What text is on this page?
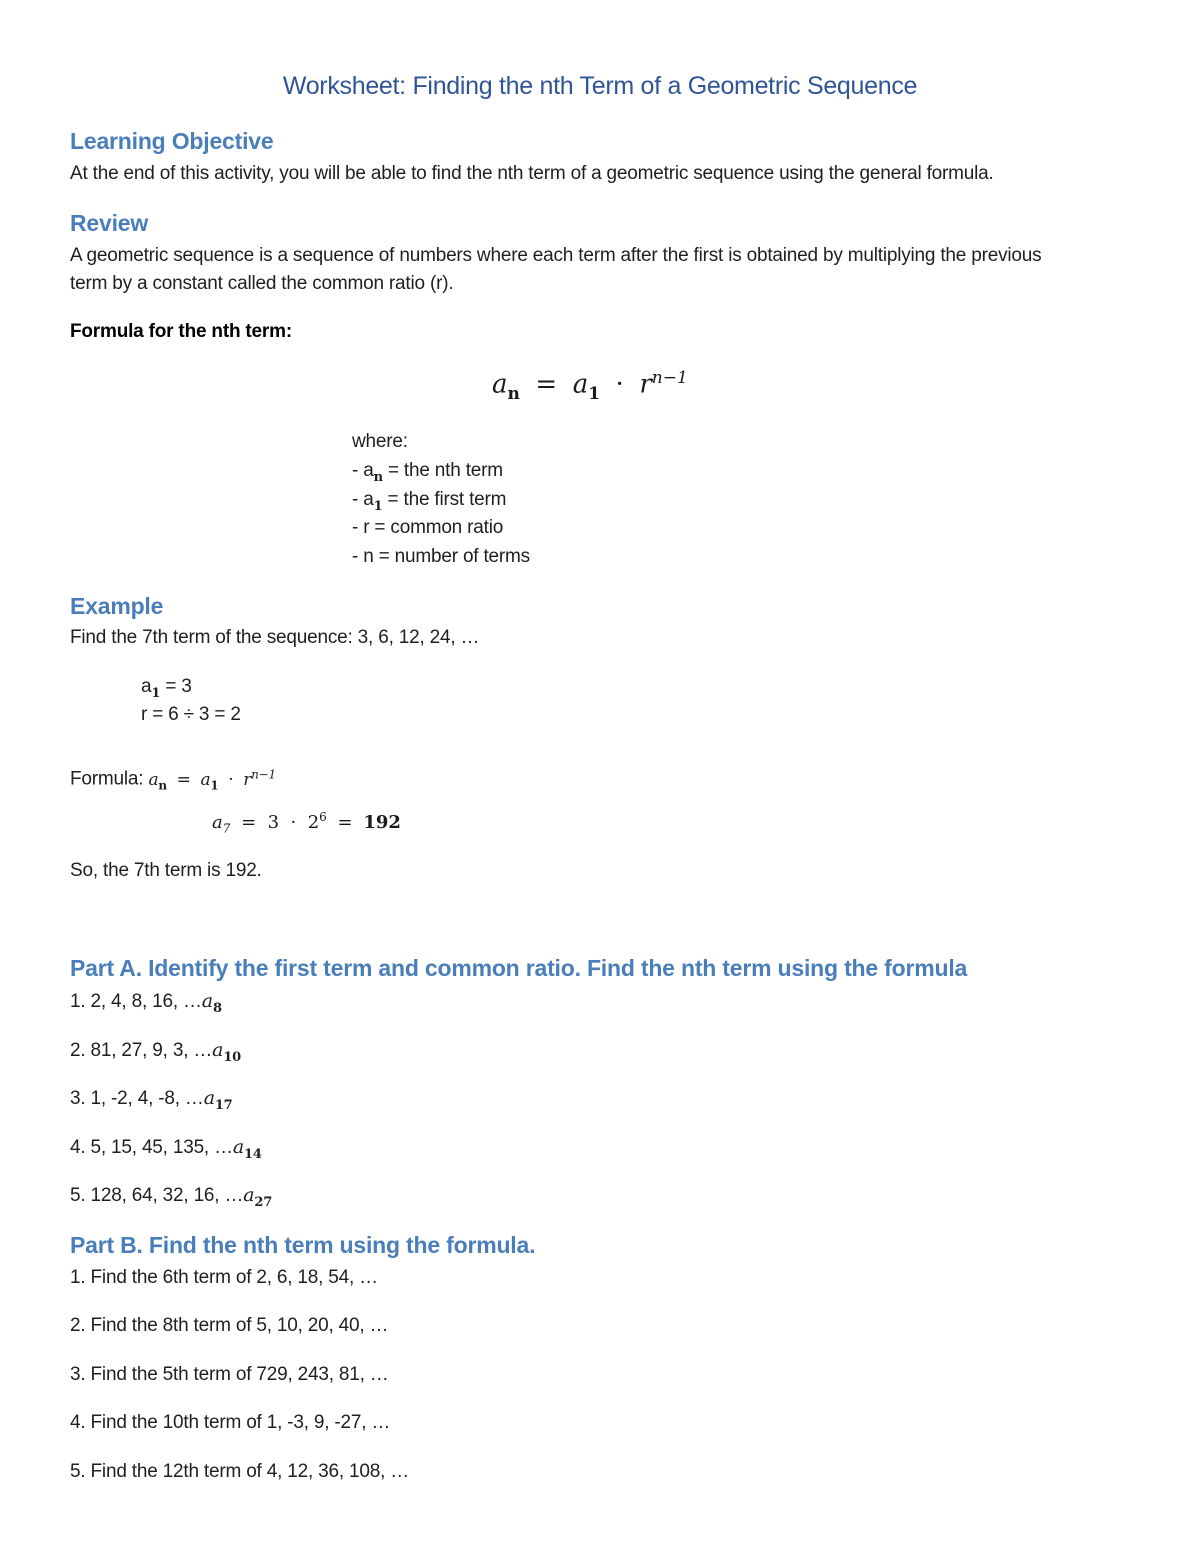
Worksheet: Finding the nth Term of a Geometric Sequence
Learning Objective
At the end of this activity, you will be able to find the nth term of a geometric sequence using the general formula.
Review
A geometric sequence is a sequence of numbers where each term after the first is obtained by multiplying the previous term by a constant called the common ratio (r).
Formula for the nth term:
$a_n = a_1 \cdot r^{n-1}$
where:
- $a_n$ = the nth term
- $a_1$ = the first term
- r = common ratio
- n = number of terms
Example
Find the 7th term of the sequence: 3, 6, 12, 24, …
$a_1 = 3$
r = 6 ÷ 3 = 2
Formula: $a_n = a_1 \cdot r^{n-1}$
$a_7 = 3 \cdot 2^6 = 192$
So, the 7th term is 192.
Part A. Identify the first term and common ratio. Find the nth term using the formula
1. 2, 4, 8, 16, $\dots a_8$
2. 81, 27, 9, 3, $\dots a_{10}$
3. 1, -2, 4, -8, $\dots a_{17}$
4. 5, 15, 45, 135, $\dots a_{14}$
5. 128, 64, 32, 16, $\dots a_{27}$
Part B. Find the nth term using the formula.
1. Find the 6th term of 2, 6, 18, 54, …
2. Find the 8th term of 5, 10, 20, 40, …
3. Find the 5th term of 729, 243, 81, …
4. Find the 10th term of 1, -3, 9, -27, …
5. Find the 12th term of 4, 12, 36, 108, …
